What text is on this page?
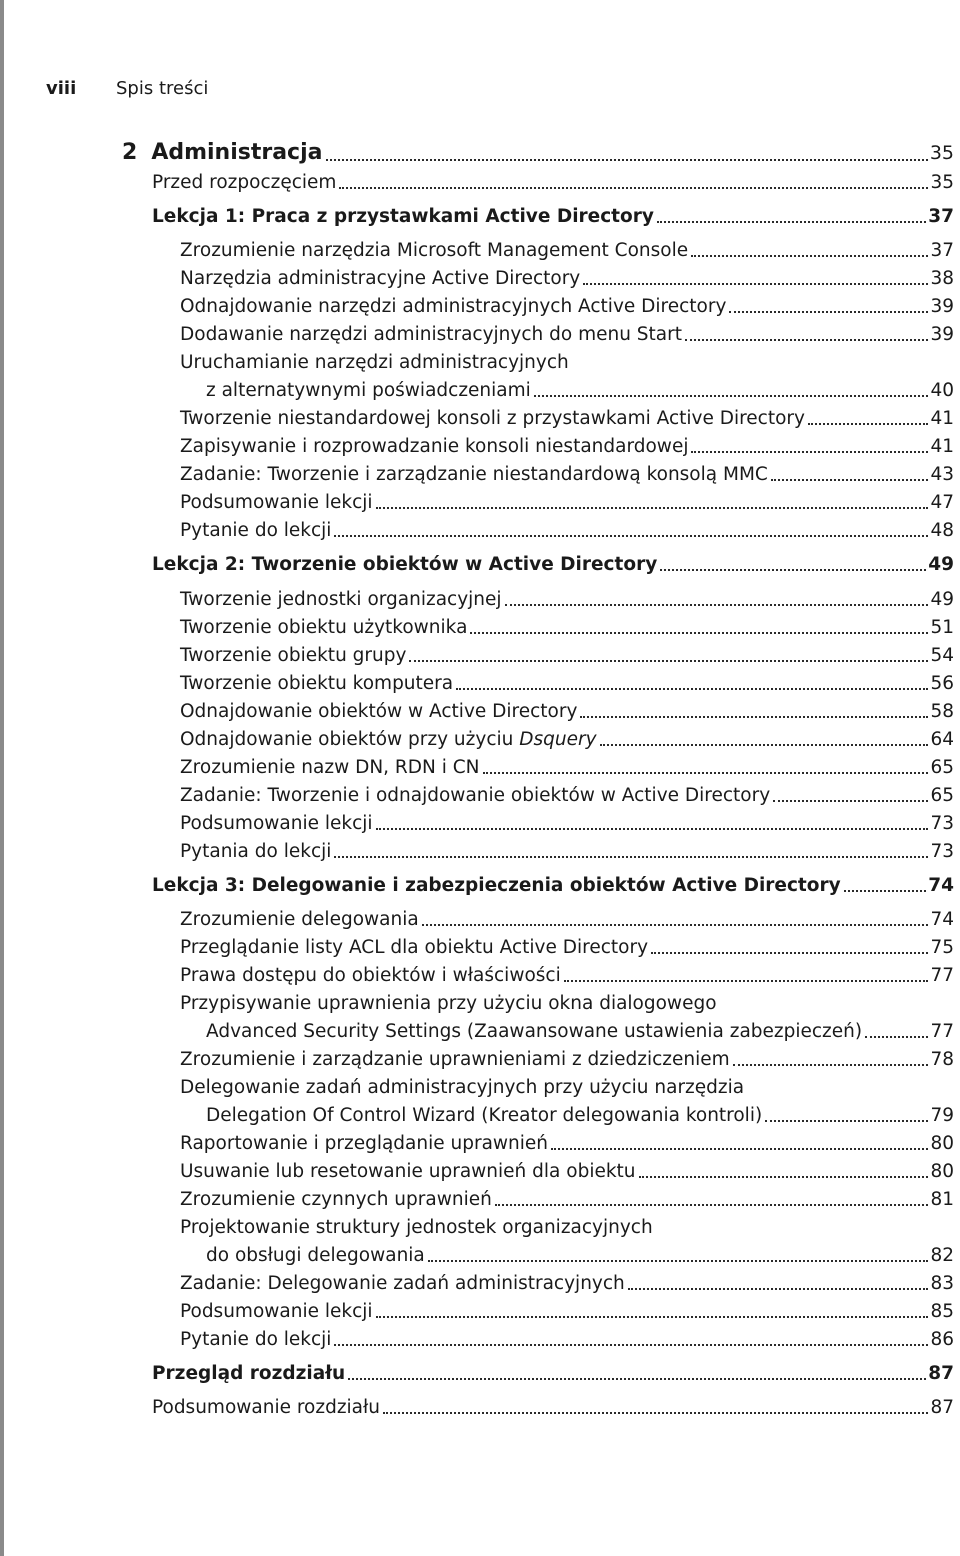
viii	Spis treści
2 Administracja	35
Przed rozpoczęciem	35
Lekcja 1: Praca z przystawkami Active Directory	37
Zrozumienie narzędzia Microsoft Management Console	37
Narzędzia administracyjne Active Directory	38
Odnajdowanie narzędzi administracyjnych Active Directory	39
Dodawanie narzędzi administracyjnych do menu Start	39
Uruchamianie narzędzi administracyjnych
z alternatywnymi poświadczeniami	40
Tworzenie niestandardowej konsoli z przystawkami Active Directory	41
Zapisywanie i rozprowadzanie konsoli niestandardowej	41
Zadanie: Tworzenie i zarządzanie niestandardową konsolą MMC	43
Podsumowanie lekcji	47
Pytanie do lekcji	48
Lekcja 2: Tworzenie obiektów w Active Directory	49
Tworzenie jednostki organizacyjnej	49
Tworzenie obiektu użytkownika	51
Tworzenie obiektu grupy	54
Tworzenie obiektu komputera	56
Odnajdowanie obiektów w Active Directory	58
Odnajdowanie obiektów przy użyciu Dsquery	64
Zrozumienie nazw DN, RDN i CN	65
Zadanie: Tworzenie i odnajdowanie obiektów w Active Directory	65
Podsumowanie lekcji	73
Pytania do lekcji	73
Lekcja 3: Delegowanie i zabezpieczenia obiektów Active Directory	74
Zrozumienie delegowania	74
Przeglądanie listy ACL dla obiektu Active Directory	75
Prawa dostępu do obiektów i właściwości	77
Przypisywanie uprawnienia przy użyciu okna dialogowego
Advanced Security Settings (Zaawansowane ustawienia zabezpieczeń)	77
Zrozumienie i zarządzanie uprawnieniami z dziedziczeniem	78
Delegowanie zadań administracyjnych przy użyciu narzędzia
Delegation Of Control Wizard (Kreator delegowania kontroli)	79
Raportowanie i przeglądanie uprawnień	80
Usuwanie lub resetowanie uprawnień dla obiektu	80
Zrozumienie czynnych uprawnień	81
Projektowanie struktury jednostek organizacyjnych
do obsługi delegowania	82
Zadanie: Delegowanie zadań administracyjnych	83
Podsumowanie lekcji	85
Pytanie do lekcji	86
Przegląd rozdziału	87
Podsumowanie rozdziału	87
